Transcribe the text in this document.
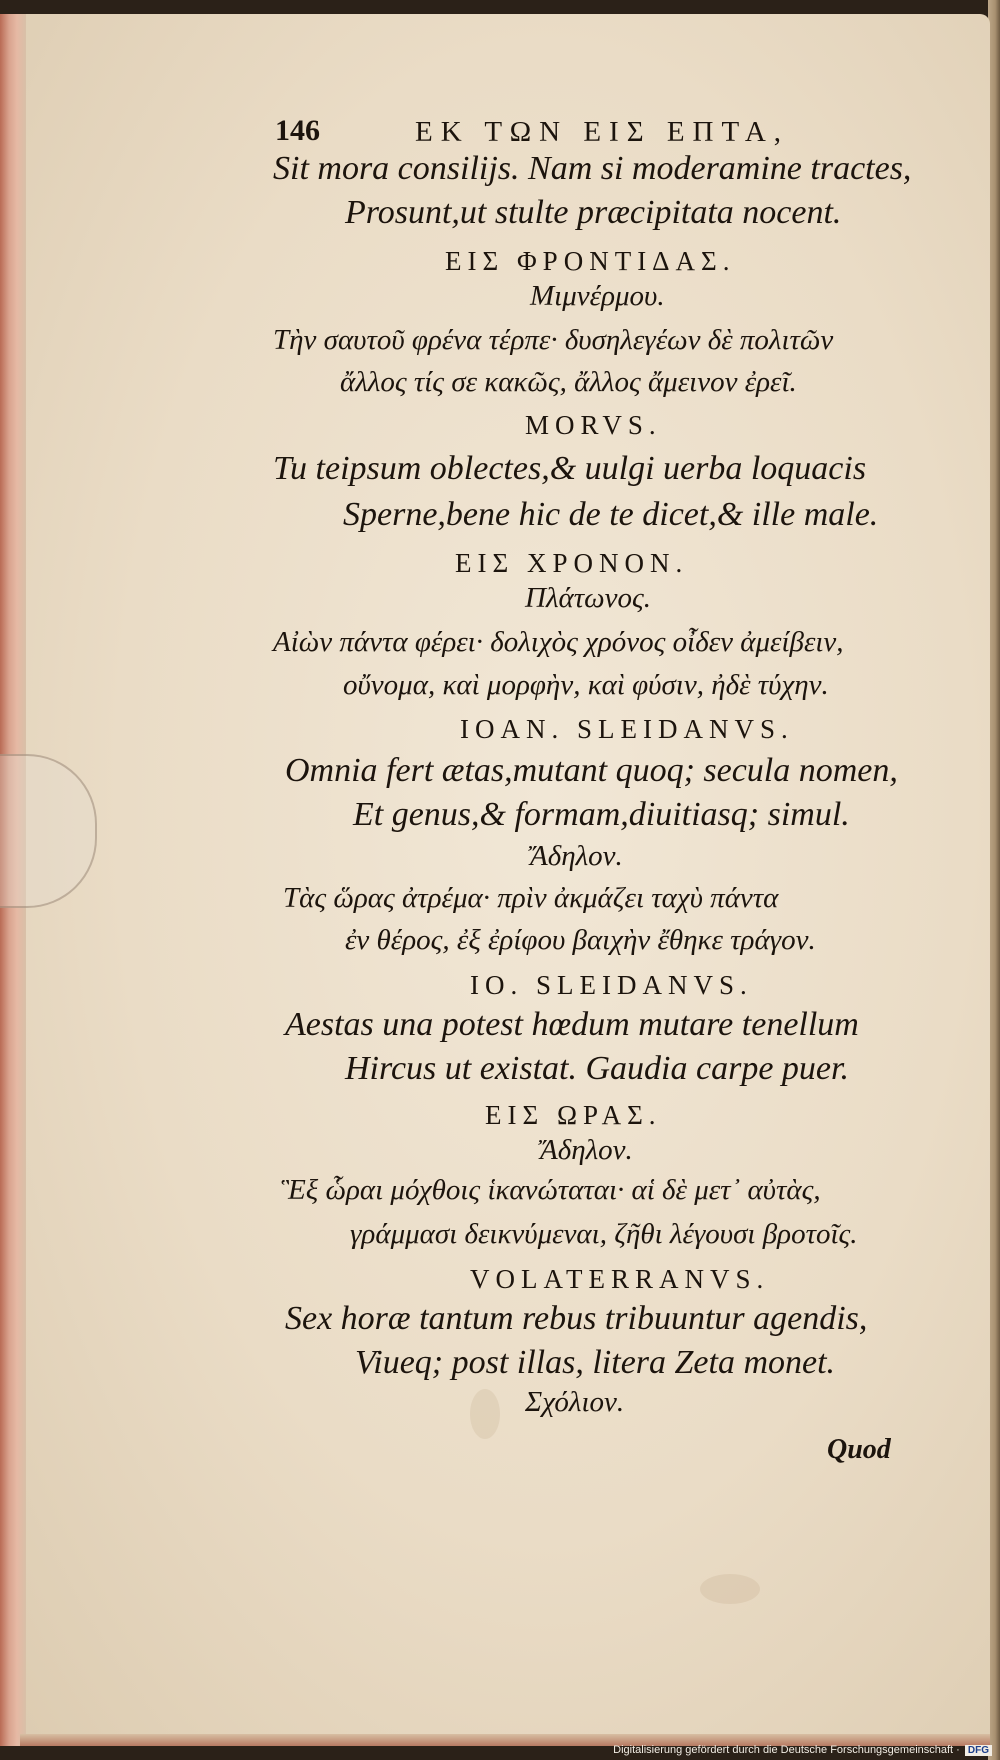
146	ΕΚ ΤΩΝ ΕΙΣ ΕΠΤΑ,
Sit mora consilijs. Nam si moderamine tractes,
Prosunt,ut stulte præcipitata nocent.
ΕΙΣ ΦΡΟΝΤΙΔΑΣ.
Μιμνέρμου.
Τὴν σαυτοῦ φρένα τέρπε· δυσηλεγέων δὲ πολιτῶν
ἄλλος τίς σε κακῶς, ἄλλος ἄμεινον ἐρεῖ.
MORVS.
Tu teipsum oblectes,& uulgi uerba loquacis
Sperne,bene hic de te dicet,& ille male.
ΕΙΣ ΧΡΟΝΟΝ.
Πλάτωνος.
Αἰὼν πάντα φέρει· δολιχὸς χρόνος οἶδεν ἀμείβειν,
οὔνομα, καὶ μορφὴν, καὶ φύσιν, ἠδὲ τύχην.
IOAN. SLEIDANVS.
Omnia fert ætas,mutant quoq; secula nomen,
Et genus,& formam,diuitiasq; simul.
Ἄδηλον.
Τὰς ὥρας ἀτρέμα· πρὶν ἀκμάζει ταχὺ πάντα
ἐν θέρος, ἐξ ἐρίφου βαιχὴν ἔθηκε τράγον.
IO. SLEIDANVS.
Aestas una potest hœdum mutare tenellum
Hircus ut existat. Gaudia carpe puer.
ΕΙΣ ΩΡΑΣ.
Ἄδηλον.
Ἓξ ὧραι μόχθοις ἱκανώταται· αἱ δὲ μετ᾽ αὐτὰς,
γράμμασι δεικνύμεναι, ζῆθι λέγουσι βροτοῖς.
VOLATERRANVS.
Sex horæ tantum rebus tribuuntur agendis,
Viueq; post illas, litera Zeta monet.
Σχόλιον.
Quod
Digitalisierung gefördert durch die Deutsche Forschungsgemeinschaft · DFG
